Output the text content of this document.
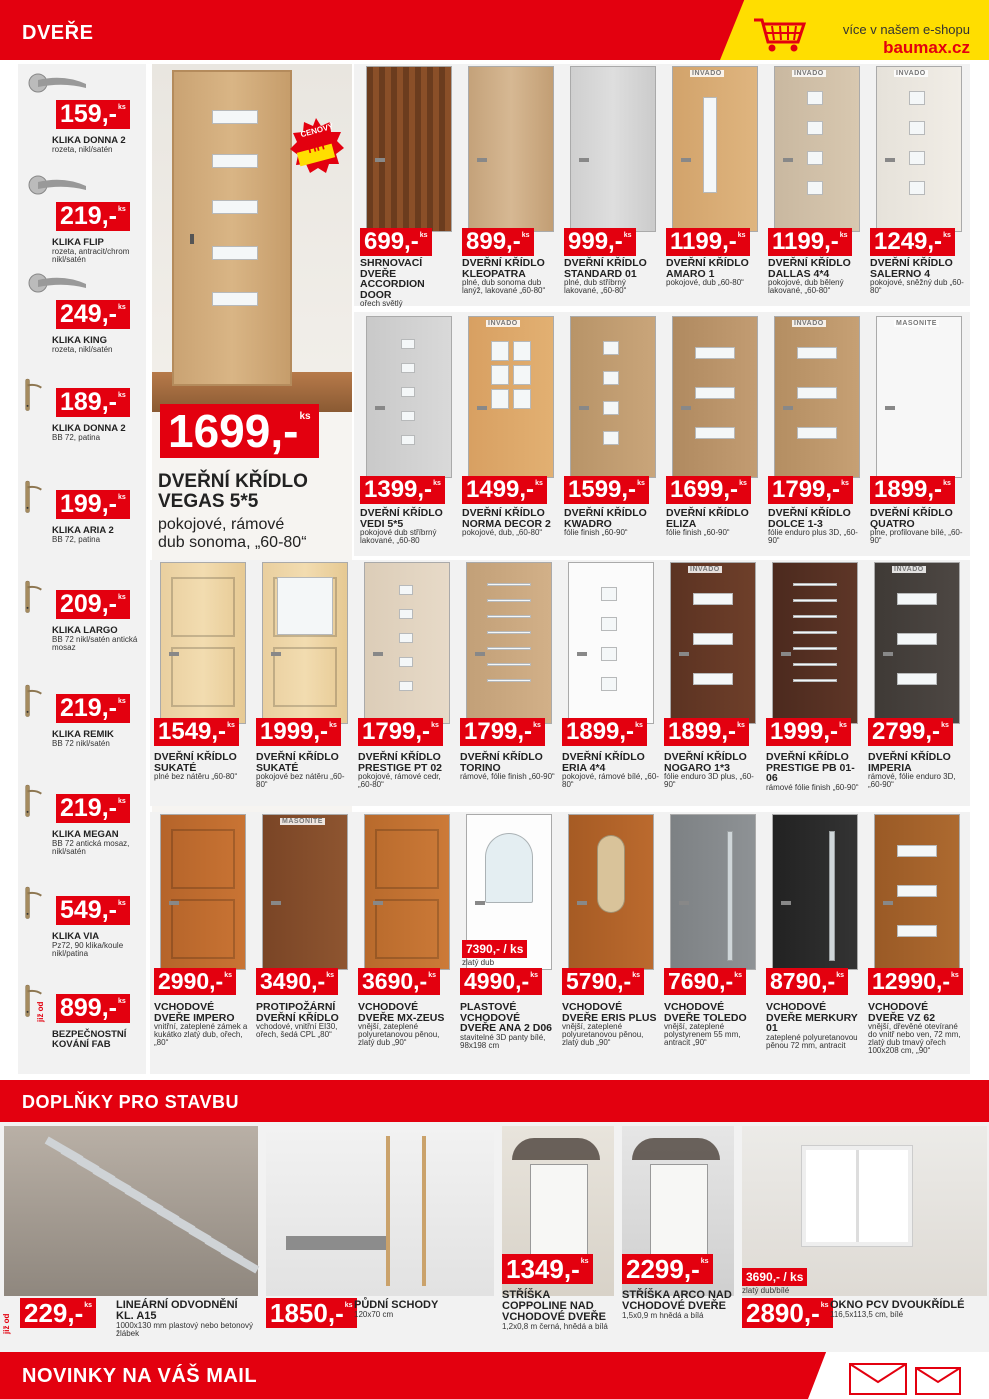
DVEŘE	více v našem e-shopu
baumax.cz
159,- ks
KLIKA DONNA 2
rozeta, nikl/satén
219,- ks
KLIKA FLIP
rozeta, antracit/chrom nikl/satén
249,- ks
KLIKA KING
rozeta, nikl/satén
189,- ks
KLIKA DONNA 2
BB 72, patina
199,- ks
KLIKA ARIA 2
BB 72, patina
209,- ks
KLIKA LARGO
BB 72 nikl/satén antická mosaz
219,- ks
KLIKA REMIK
BB 72 nikl/satén
219,- ks
KLIKA MEGAN
BB 72 antická mosaz, nikl/satén
549,- ks
KLIKA VIA
Pz72, 90 klika/koule nikl/patina
899,- ks
již od
BEZPEČNOSTNÍ KOVÁNÍ FAB
CENOVÝ
HIT
1699,- ks
DVEŘNÍ KŘÍDLO
VEGAS 5*5
pokojové, rámové
dub sonoma, „60-80“
699,- ks
SHRNOVACÍ DVEŘE ACCORDION DOOR
ořech světlý
899,- ks
DVEŘNÍ KŘÍDLO KLEOPATRA
plné, dub sonoma dub lanýž, lakované „60-80“
999,- ks
DVEŘNÍ KŘÍDLO STANDARD 01
plné, dub stříbrný lakované, „60-80“
INVADO
1199,- ks
DVEŘNÍ KŘÍDLO AMARO 1
pokojové, dub „60-80“
INVADO
1199,- ks
DVEŘNÍ KŘÍDLO DALLAS 4*4
pokojové, dub bělený lakované, „60-80“
INVADO
1249,- ks
DVEŘNÍ KŘÍDLO SALERNO 4
pokojové, sněžný dub „60-80“
1399,- ks
DVEŘNÍ KŘÍDLO VEDI 5*5
pokojové dub stříbrný lakované, „60-80
INVADO
1499,- ks
DVEŘNÍ KŘÍDLO NORMA DECOR 2
pokojové, dub, „60-80“
1599,- ks
DVEŘNÍ KŘÍDLO KWADRO
fólie finish „60-90“
1699,- ks
DVEŘNÍ KŘÍDLO ELIZA
fólie finish „60-90“
INVADO
1799,- ks
DVEŘNÍ KŘÍDLO DOLCE 1-3
fólie enduro plus 3D, „60-90“
MASONITE
1899,- ks
DVEŘNÍ KŘÍDLO QUATRO
plne, profilovane bílé, „60-90“
1549,- ks
DVEŘNÍ KŘÍDLO SUKATÉ
plné bez nátěru „60-80“
1999,- ks
DVEŘNÍ KŘÍDLO SUKATÉ
pokojové bez nátěru „60-80“
1799,- ks
DVEŘNÍ KŘÍDLO PRESTIGE PT 02
pokojové, rámové cedr, „60-80“
1799,- ks
DVEŘNÍ KŘÍDLO TORINO
rámové, fólie finish „60-90“
1899,- ks
DVEŘNÍ KŘÍDLO ERIA 4*4
pokojové, rámové bílé, „60-80“
INVADO
1899,- ks
DVEŘNÍ KŘÍDLO NOGARO 1*3
fólie enduro 3D plus, „60-90“
1999,- ks
DVEŘNÍ KŘÍDLO PRESTIGE PB 01-06
rámové fólie finish „60-90“
INVADO
2799,- ks
DVEŘNÍ KŘÍDLO IMPERIA
rámové, fólie enduro 3D, „60-90“
2990,- ks
VCHODOVÉ DVEŘE IMPERO
vnitřní, zateplené zámek a kukátko zlatý dub, ořech,„80“
MASONITE
3490,- ks
PROTIPOŽÁRNÍ DVEŘNÍ KŘÍDLO
vchodové, vnitřní EI30, ořech, šedá CPL „80“
3690,- ks
VCHODOVÉ DVEŘE MX-ZEUS
vnější, zateplené polyuretanovou pěnou, zlatý dub „90“
7390,- / ks
zlatý dub
4990,- ks
PLASTOVÉ VCHODOVÉ DVEŘE ANA 2 D06
stavitelné 3D panty bílé, 98x198 cm
5790,- ks
VCHODOVÉ DVEŘE ERIS PLUS
vnější, zateplené polyuretanovou pěnou, zlatý dub „90“
7690,- ks
VCHODOVÉ DVEŘE TOLEDO
vnější, zateplené polystyrenem 55 mm, antracit „90“
8790,- ks
VCHODOVÉ DVEŘE MERKURY 01
zateplené polyuretanovou pěnou 72 mm, antracit
12990,- ks
VCHODOVÉ DVEŘE VZ 62
vnější, dřevěné otevírané do vnitř nebo ven, 72 mm, zlatý dub tmavý ořech 100x208 cm, „90“
DOPLŇKY PRO STAVBU
229,- ks
již od
LINEÁRNÍ ODVODNĚNÍ KL. A15
1000x130 mm plastový nebo betonový žlábek
1850,- ks PŮDNÍ SCHODY
120x70 cm
1349,- ks
STŘÍŠKA COPPOLINE NAD VCHODOVÉ DVEŘE
1,2x0,8 m černá, hnědá a bílá
2299,- ks
STŘÍŠKA ARCO NAD VCHODOVÉ DVEŘE
1,5x0,9 m hnědá a bílá
3690,- / ks
zlatý dub/bílé
2890,- ks OKNO PCV DVOUKŘÍDLÉ
116,5x113,5 cm, bílé
NOVINKY NA VÁŠ MAIL
